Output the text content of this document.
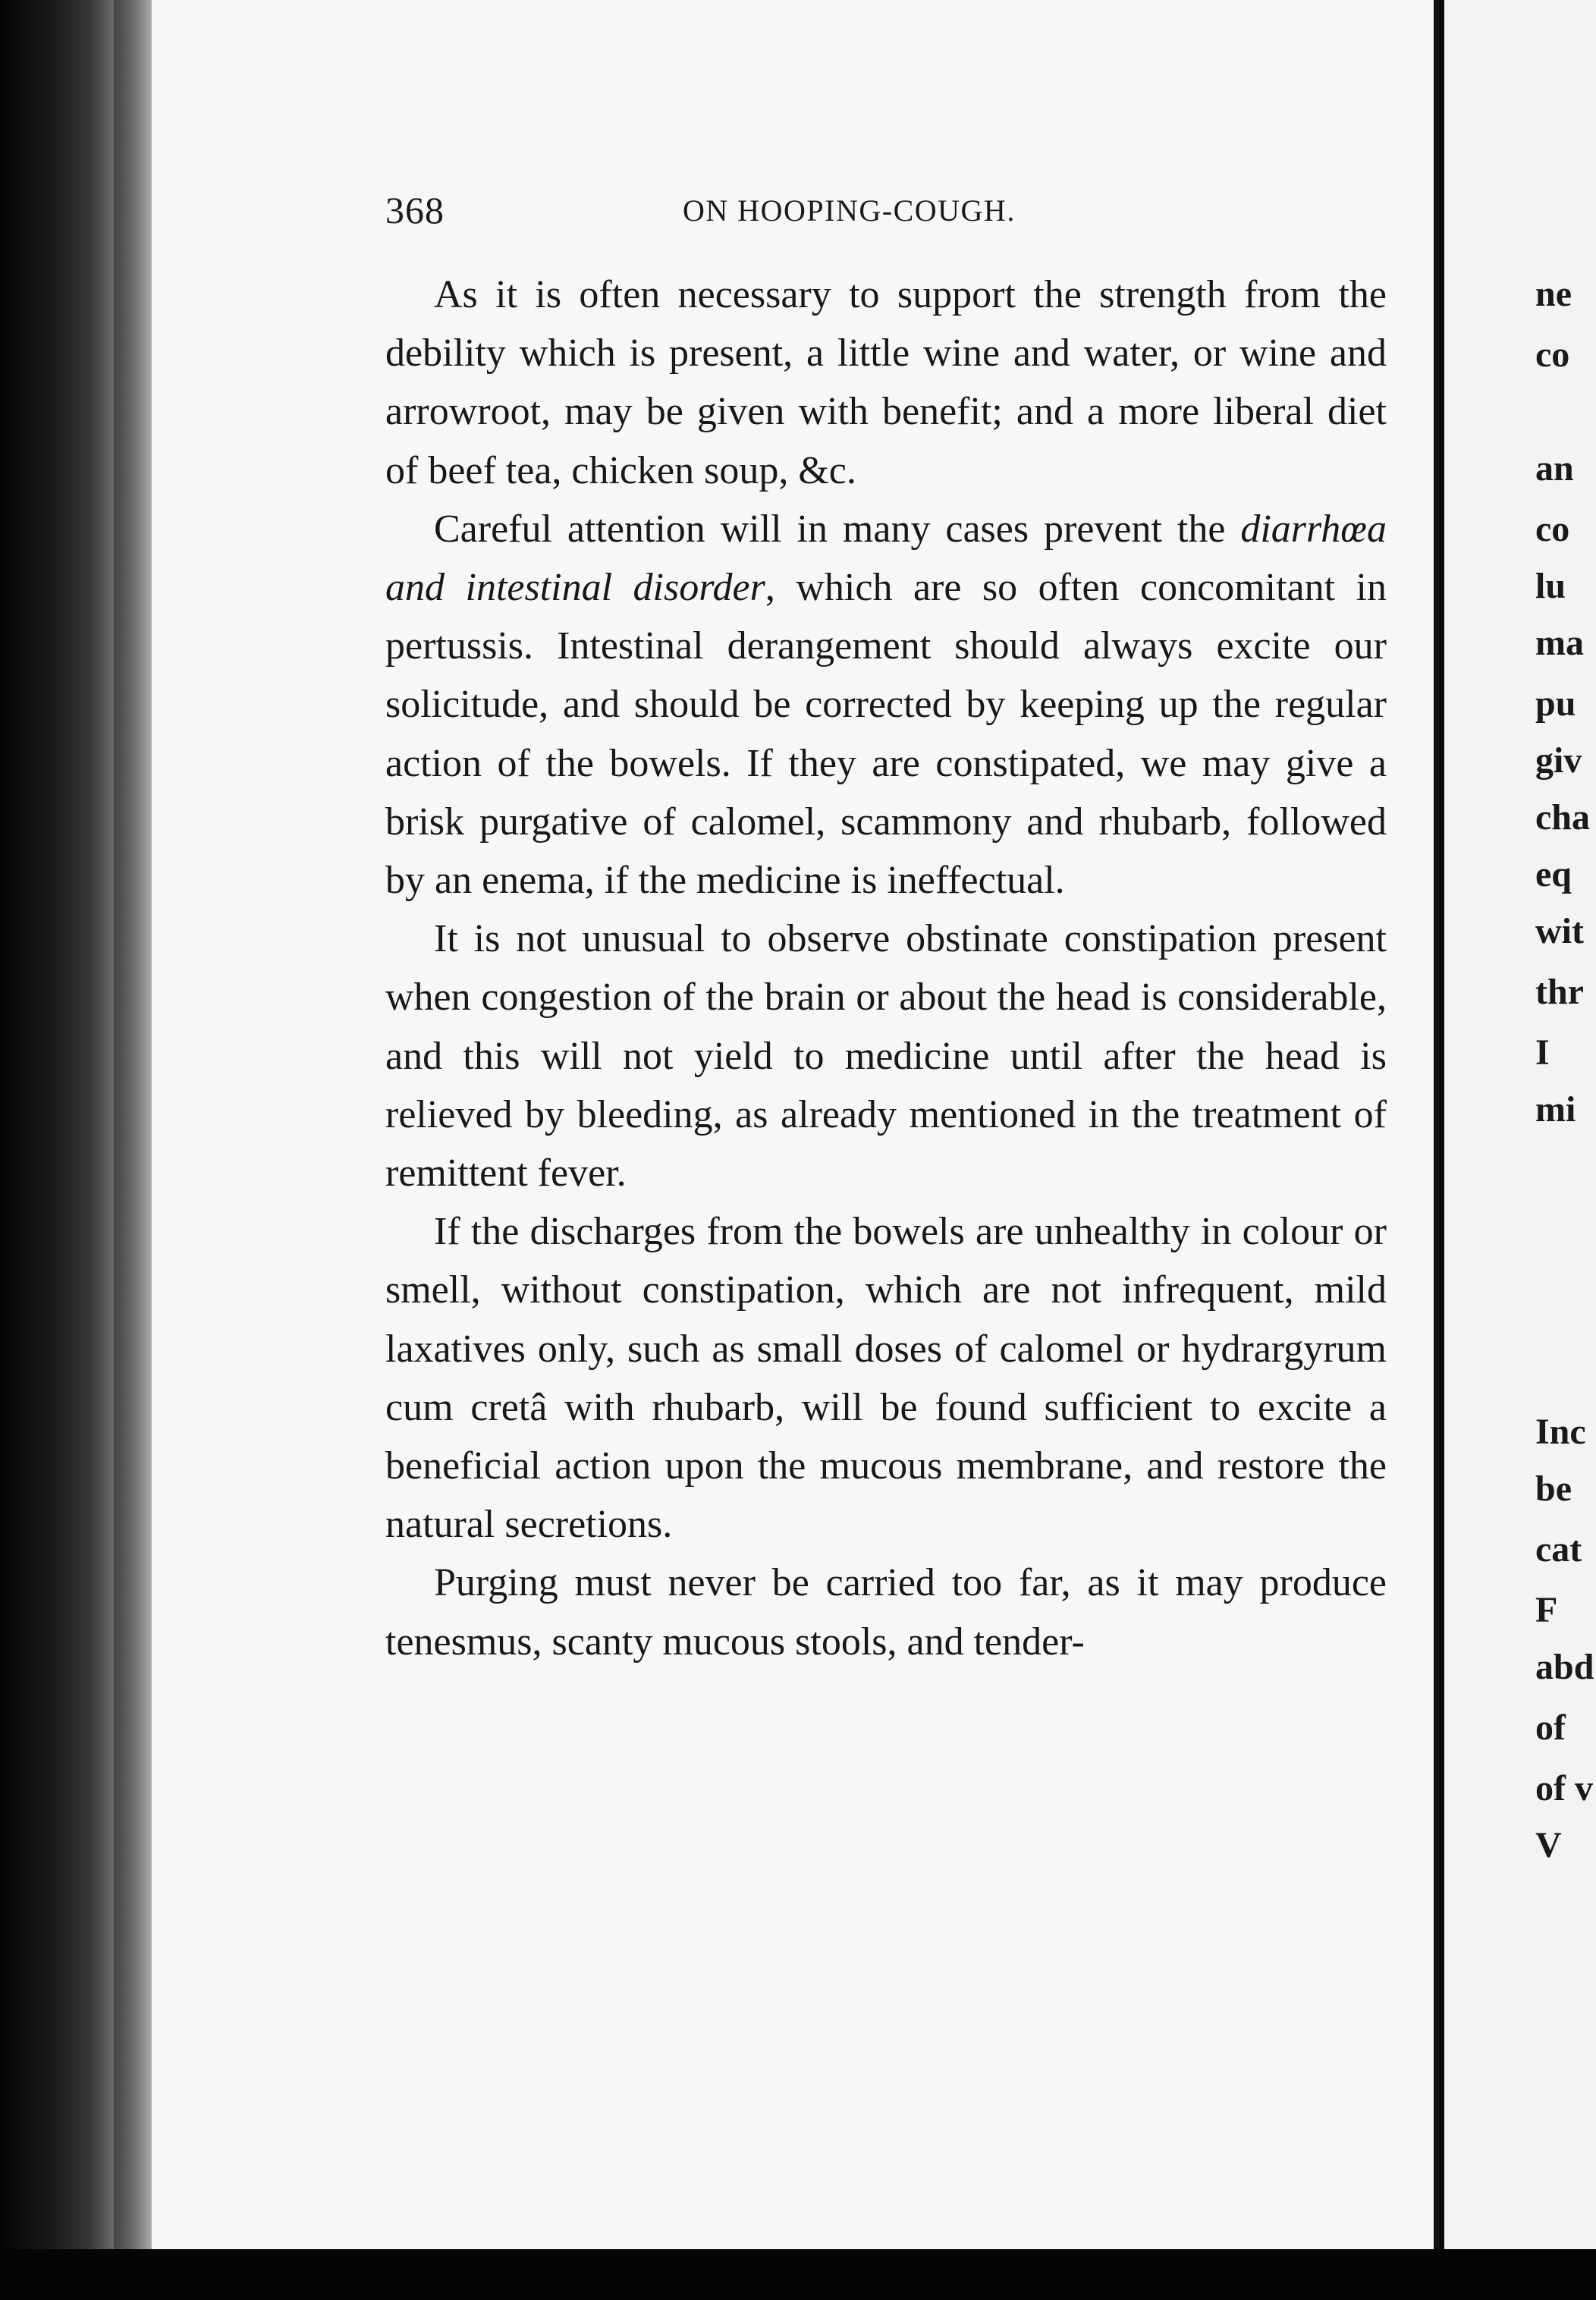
368	ON HOOPING-COUGH.

As it is often necessary to support the strength from the debility which is present, a little wine and water, or wine and arrowroot, may be given with benefit; and a more liberal diet of beef tea, chicken soup, &c.

Careful attention will in many cases prevent the diarrhœa and intestinal disorder, which are so often concomitant in pertussis. Intestinal derangement should always excite our solicitude, and should be corrected by keeping up the regular action of the bowels. If they are constipated, we may give a brisk purgative of calomel, scammony and rhubarb, followed by an enema, if the medicine is ineffectual.

It is not unusual to observe obstinate constipation present when congestion of the brain or about the head is considerable, and this will not yield to medicine until after the head is relieved by bleeding, as already mentioned in the treatment of remittent fever.

If the discharges from the bowels are unhealthy in colour or smell, without constipation, which are not infrequent, mild laxatives only, such as small doses of calomel or hydrargyrum cum cretâ with rhubarb, will be found sufficient to excite a beneficial action upon the mucous membrane, and restore the natural secretions.

Purging must never be carried too far, as it may produce tenesmus, scanty mucous stools, and tender-

ne
co
an
co
lu
ma
pu
giv
cha
eq
wit
thr
I
mi
Inc
be
cat
F
abd
of
of v
V
